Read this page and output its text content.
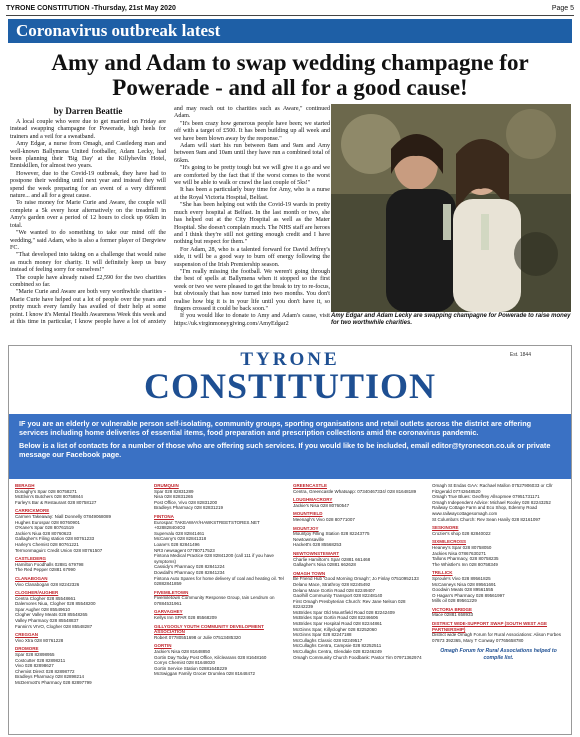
TYRONE CONSTITUTION -Thursday, 21st May 2020	Page 5
Coronavirus outbreak latest
Amy and Adam to swap wedding champagne for Powerade - and all for a good cause!

by Darren Beattie

A local couple who were due to get married on Friday are instead swapping champagne for Powerade, high heels for trainers and a veil for a sweatband.

Amy Edgar, a nurse from Omagh, and Castlederg man and well-known Ballymena United footballer, Adam Lecky, had been planning their 'Big Day' at the Killyhevlin Hotel, Enniskillen, for almost two years.

However, due to the Covid-19 outbreak, they have had to postpone their wedding until next year and instead they will spend the week preparing for an event of a very different nature... and all for a great cause.

To raise money for Marie Curie and Aware, the couple will complete a 5k every hour alternatively on the treadmill in Amy's garden over a period of 12 hours to clock up 66km in total.

"We wanted to do something to take our mind off the wedding," said Adam, who is also a former player of Dergview FC.

"That developed into taking on a challenge that would raise as much money for charity. It will definitely keep us busy instead of feeling sorry for ourselves!"

The couple have already raised £2,590 for the two charities combined so far.

"Marie Curie and Aware are both very worthwhile charities - Marie Curie have helped out a lot of people over the years and pretty much every family has availed of their help at some point. I know it's Mental Health Awareness Week this week and at this time in particular, I know people have a lot of anxiety and may reach out to charities such as Aware," continued Adam.

"It's been crazy how generous people have been; we started off with a target of £500. It has been building up all week and we have been blown away by the response."

Adam will start his run between 8am and 9am and Amy between 9am and 10am until they have run a combined total of 66km.

"It's going to be pretty tough but we will give it a go and we are comforted by the fact that if the worst comes to the worst we will be able to walk or crawl the last couple of 5ks!"

It has been a particularly busy time for Amy, who is a nurse at the Royal Victoria Hospital, Belfast.

"She has been helping out with the Covid-19 wards in pretty much every hospital at Belfast. In the last month or two, she has helped out at the City Hospital as well as the Mater Hospital. She doesn't complain much. The NHS staff are heroes and I think they're still not getting enough credit and I have nothing but respect for them."

For Adam, 28, who is a talented forward for David Jeffrey's side, it will be a good way to burn off energy following the suspension of the Irish Premiership season.

"I'm really missing the football. We weren't going through the best of spells at Ballymena when it stopped so the first week or two we were pleased to get the break to try to re-focus, but obviously that has now turned into two months. You don't realise how big it is in your life until you don't have it, so fingers crossed it could be back soon."

If you would like to donate to Amy and Adam's cause, visit https://uk.virginmoneygiving.com/AmyEdgar2

Amy Edgar and Adam Lecky are swapping champagne for Powerade to raise money for two worthwhile charities.
TYRONE	Est. 1844
CONSTITUTION

IF you are an elderly or vulnerable person self-isolating, community groups, sporting organisations and retail outlets across the district are offering services including home deliveries of essential items, food preparation and prescription collections amid the coronavirus pandemic.

Below is a list of contacts for a number of those who are offering such services. If you would like to be included, email editor@tyronecon.co.uk or private message our Facebook page.

BERAGH
Donaghy's Spar 028 80758271
McElvin's Butchers 028 80758844
Farley's Bar & Restaurant 028 80758127
CARRICKMORE
Carmen Takeaway: Niall Donnelly 07849068089
Hughes Eurospar 028 80760901
O'Kane's Spar 028 80761519
Jackie's Niua 028 80760623
Gallagher's Filing station 028 80761233
Harley's Chemist 028 80761221
Termonmaguirc Credit Union 028 80761507
CASTLEDERG
Hamilton Foodhalls 02881 679798
The Red Pepper 02881 67990
CLANABOGAN
Vivo Clanabogan 028 82242326
CLOGHER/AUGHER
Centra Clogher 028 85548661
Dalemores Niua, Clogher 028 85548200
Spar Augher 028 85549610
Clogher Valley Meats 028 85548265
Valley Pharmacy 028 85548837
Fannin's VIVO, Clogher 028 85548287
CREGGAN
Vivo Xtra 028 80761228
DROMORE
Spar 028 82898955
Costcutter 028 82898211
Vivo 028 82898627
Chemist Direct 028 82898772
Bradleys Pharmacy 028 82898214
McDermott's Pharmacy 028 82897799
DRUMQUIN
Spar 028 82831289
Nisa 028 82831265
Post Office, Vivo 028 82831200
Bradleys Pharmacy 028 82831219
FINTONA
Eurospar: TAKEAWAY/HAWKSTREETSTORES.NET
+028828404O3
Supervalu 028 82841461
McCanny's 028 82841318
Loane's 028 82841496
NR3 newsagent 07780717523
Fintona Medical Practice 028 82841200 (call 111 if you have symptoms)
Cassidy's Pharmacy 028 82841224
Dowdall's Pharmacy 028 82841234
Fintona Auto Spares for home delivery of coal and heating oil. Tel 02882841859
FIVEMILETOWN
Fivemiletown Community Response Group, Iain Lendrum on 07884531961
GARVAGHEY
Kellys Inn SPAR 028 85568209
GILLYGOOLY YOUTH COMMUNITY DEVELOPMENT ASSOCIATION
Robert 07780551698 or Julie 07513485320
GORTIN
Jackie's Nisa 028 81648850
Gortin Day Today Post Office, Kilclearans 028 81648160
Corrys Chemist 028 81648020
Gortin Service Station 0288164B229
McSwiggan Family Grocer Drumlea 028 81648472
GREENCASTLE
Centra, Greencastle Whatsapp: 07340467334/ 028 81648189
LOUGHMACRORY
Jackie's Nisa 028 80760547
MOUNTFIELD
Meenagh's Vivo 028 80771007
MOUNTJOY
Mountjoy Filling Station 028 82243775
Newtownsaville
Hackett's 028 85568253
NEWTOWNSTEWART
Charlie Hamilton's Spar 02881 661468
Gallagher's Nisa 02881 662628
OMAGH TOWN
Be Friend Hub 'Good Morning Omagh'; Jo Finlay 07510952133
Delano Mace, Strathroy 028 82245492
Delano Mace Gortin Road 028 82249407
Gaolhill Community Transport 028 82248140
First Omagh Presbyterian Church: Rev Jane Nelson 028 82242239
McBrides Spar Old Mountfield Road 028 82242409
McBrides Spar Gortin Road 028 82246606
McBrides Spar Hospital Road 028 82244861
McGinns Spar, Killyclogher 028 82252060
McGinns Spar 028 82247188
McCullaghs Classic 028 82249517
McCullaghs Centra, Campsie 028 82252511
McCullaghs Centra, Glendale 028 82246249
Omagh Community Church Foodbank: Pastor Tim 07971362974
Omagh St Endas GAA: Rachael Mallon 07527906033 or Cllr Fitzgerald 07742648520
Omagh True Blues: Geoffrey Allsopmee 07951731171
Omagh Independent Advice: Michael Rooley 028 82243252
Railway Cottage Farm and Eco Shop, Edenmy Road www.railwaycottagesomagh.com
St Columba's Church: Rev Sean Hanily 028 82161097
SESKINORE
Crozier's shop 028 82840022
SIXMILECROSS
Heaney's Spar 028 80758050
Jackies Nisa 07867630271
Tallons Pharmacy, 028 80758235
The Whistler's Inn 028 80758349
TRILLICK
Sproule's Vivo 028 89561825
McCanneys Nisa 028 89561691
Goodwin Meats 028 89561555
O Hagan's Pharmacy 028 89561997
Mills oil 028 89561229
VICTORIA BRIDGE
Mace 02881 658933
DISTRICT WIDE-SUPPORT SWAP (SOUTH WEST AGE PARTNERSHIP)
District wide Omagh Forum for Rural Associations: Alison Forbes 07873 392365, Mary T Conway 07765658780
Omagh Forum for Rural Associations helped to compile list.
